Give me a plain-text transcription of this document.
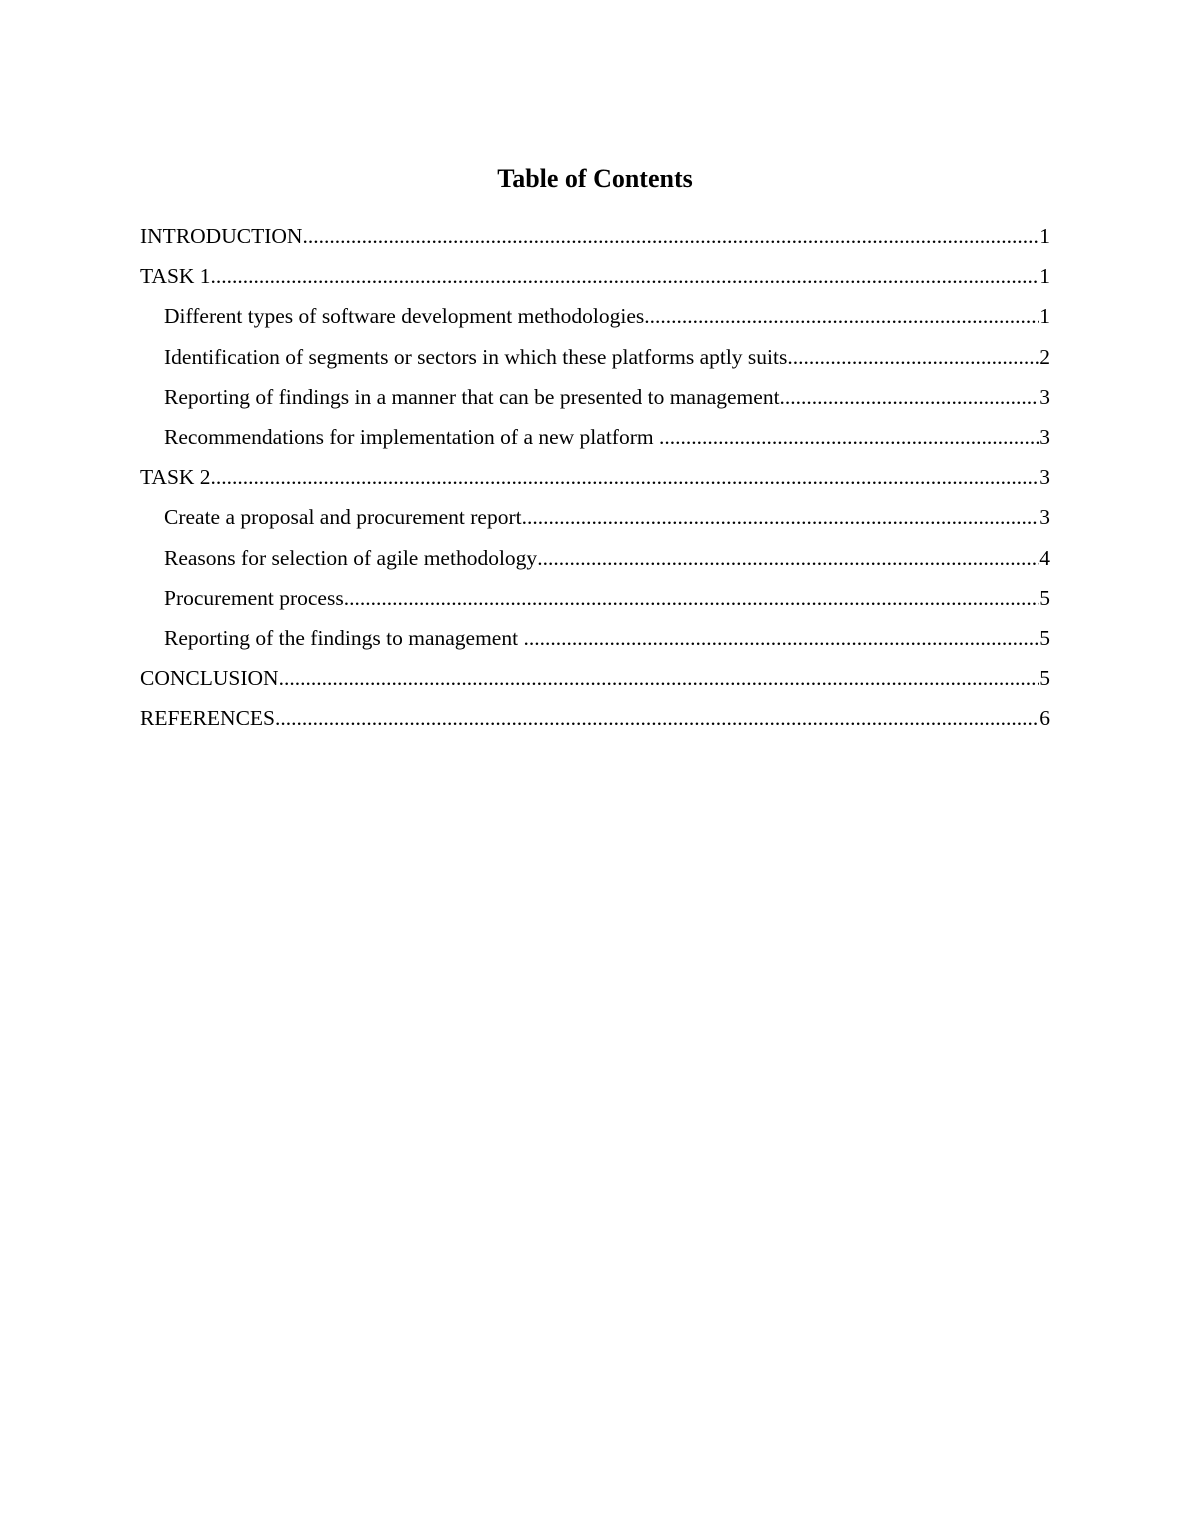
Table of Contents
INTRODUCTION .....	1
TASK 1 .....	1
Different types of software development methodologies .....	1
Identification of segments or sectors in which these platforms aptly suits .....	2
Reporting of findings in a manner that can be presented to management .....	3
Recommendations for implementation of a new platform .....	3
TASK 2 .....	3
Create a proposal and procurement report .....	3
Reasons for selection of agile methodology .....	4
Procurement process .....	5
Reporting of the findings to management .....	5
CONCLUSION .....	5
REFERENCES .....	6
